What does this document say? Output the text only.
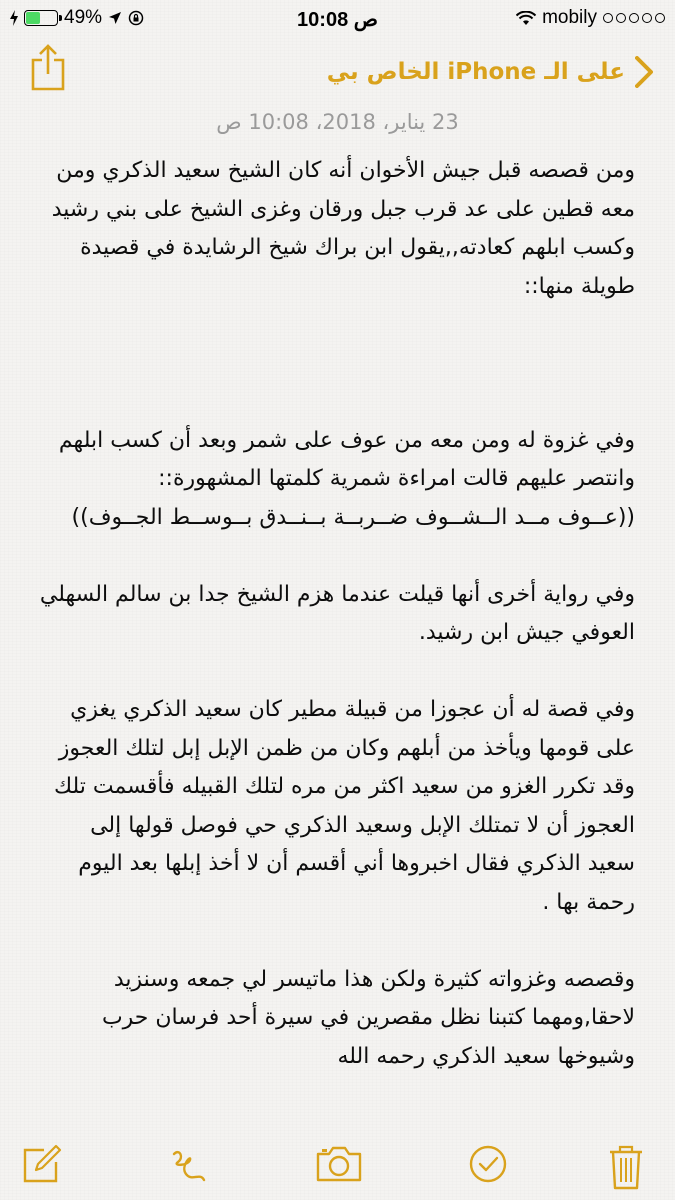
49%	10:08 ص	mobily
على الـ iPhone الخاص بي
23 يناير، 2018، 10:08 ص

ومن قصصه قبل جيش الأخوان أنه كان الشيخ سعيد الذكري ومن معه قطين على عد قرب جبل ورقان وغزى الشيخ على بني رشيد وكسب ابلهم كعادته,,يقول ابن براك شيخ الرشايدة في قصيدة طويلة منها::

وفي غزوة له ومن معه من عوف على شمر وبعد أن كسب ابلهم وانتصر عليهم قالت امراءة شمرية كلمتها المشهورة::

((عــوف مــد الــشــوف ضــربــة بــنــدق بــوســط الجــوف))

وفي رواية أخرى أنها قيلت عندما هزم الشيخ جدا بن سالم السهلي العوفي جيش ابن رشيد.

وفي قصة له أن عجوزا من قبيلة مطير كان سعيد الذكري يغزي على قومها ويأخذ من أبلهم وكان من ظمن الإبل إبل لتلك العجوز وقد تكرر الغزو من سعيد اكثر من مره لتلك القبيله فأقسمت تلك العجوز أن لا تمتلك الإبل وسعيد الذكري حي فوصل قولها إلى سعيد الذكري فقال اخبروها أني أقسم أن لا أخذ إبلها بعد اليوم رحمة بها .

وقصصه وغزواته كثيرة ولكن هذا ماتيسر لي جمعه وسنزيد لاحقا,ومهما كتبنا نظل مقصرين في سيرة أحد فرسان حرب وشيوخها سعيد الذكري رحمه الله
